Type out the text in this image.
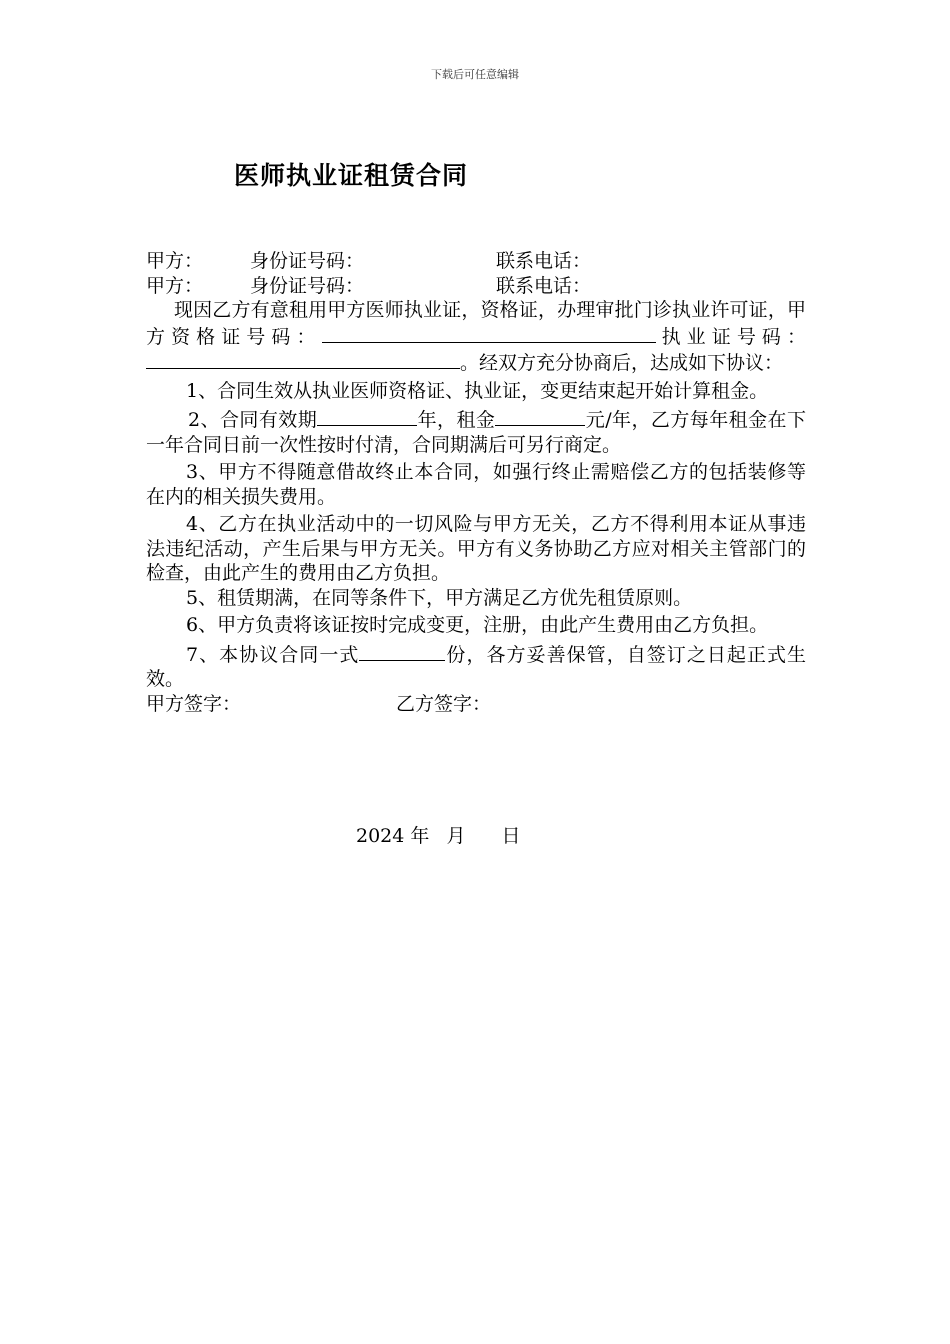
下载后可任意编辑
医师执业证租赁合同
甲方：	身份证号码：	联系电话：
甲方：	身份证号码：	联系电话：

现因乙方有意租用甲方医师执业证，资格证，办理审批门诊执业许可证，甲方资格证号码：	执业证号码：。经双方充分协商后，达成如下协议：

1、合同生效从执业医师资格证、执业证，变更结束起开始计算租金。

2、合同有效期	年，租金	元/年，乙方每年租金在下一年合同日前一次性按时付清，合同期满后可另行商定。

3、甲方不得随意借故终止本合同，如强行终止需赔偿乙方的包括装修等在内的相关损失费用。

4、乙方在执业活动中的一切风险与甲方无关，乙方不得利用本证从事违法违纪活动，产生后果与甲方无关。甲方有义务协助乙方应对相关主管部门的检查，由此产生的费用由乙方负担。

5、租赁期满，在同等条件下，甲方满足乙方优先租赁原则。

6、甲方负责将该证按时完成变更，注册，由此产生费用由乙方负担。

7、本协议合同一式	份，各方妥善保管，自签订之日起正式生效。

甲方签字：	乙方签字：
2024 年 月 日
